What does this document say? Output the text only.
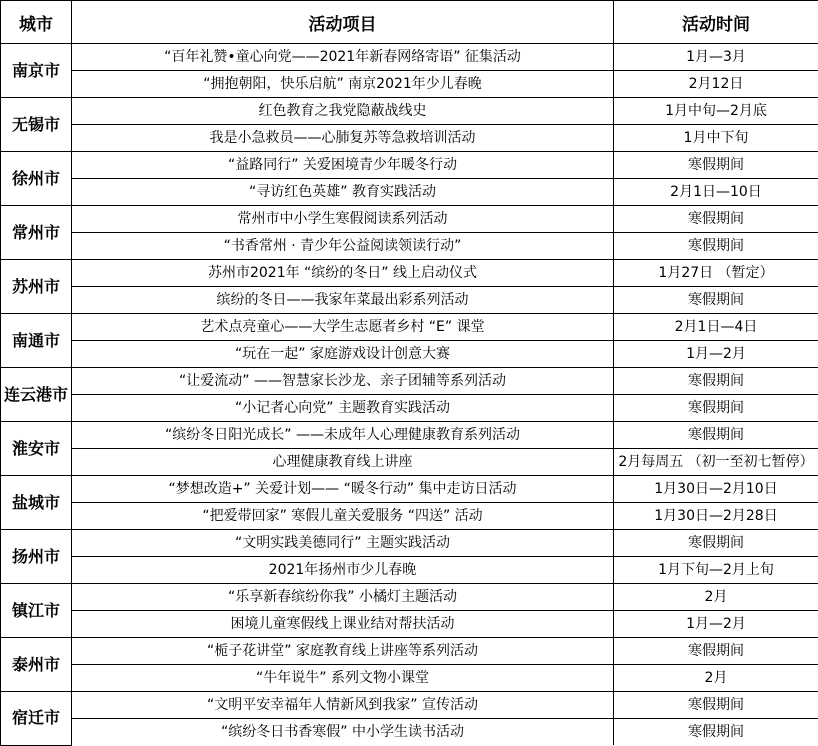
城市	活动项目	活动时间
南京市	“百年礼赞•童心向党——2021年新春网络寄语” 征集活动	1月—3月
	“拥抱朝阳，快乐启航” 南京2021年少儿春晚	2月12日
无锡市	红色教育之我党隐蔽战线史	1月中旬—2月底
	我是小急救员——心肺复苏等急救培训活动	1月中下旬
徐州市	“益路同行” 关爱困境青少年暖冬行动	寒假期间
	“寻访红色英雄” 教育实践活动	2月1日—10日
常州市	常州市中小学生寒假阅读系列活动	寒假期间
	“书香常州 · 青少年公益阅读领读行动”	寒假期间
苏州市	苏州市2021年 “缤纷的冬日” 线上启动仪式	1月27日 （暂定）
	缤纷的冬日——我家年菜最出彩系列活动	寒假期间
南通市	艺术点亮童心——大学生志愿者乡村 “E” 课堂	2月1日—4日
	“玩在一起” 家庭游戏设计创意大赛	1月—2月
连云港市	“让爱流动” ——智慧家长沙龙、亲子团辅等系列活动	寒假期间
	“小记者心向党” 主题教育实践活动	寒假期间
淮安市	“缤纷冬日阳光成长” ——未成年人心理健康教育系列活动	寒假期间
	心理健康教育线上讲座	2月每周五 （初一至初七暂停）
盐城市	“梦想改造+” 关爱计划—— “暖冬行动” 集中走访日活动	1月30日—2月10日
	“把爱带回家” 寒假儿童关爱服务 “四送” 活动	1月30日—2月28日
扬州市	“文明实践美德同行” 主题实践活动	寒假期间
	2021年扬州市少儿春晚	1月下旬—2月上旬
镇江市	“乐享新春缤纷你我” 小橘灯主题活动	2月
	困境儿童寒假线上课业结对帮扶活动	1月—2月
泰州市	“栀子花讲堂” 家庭教育线上讲座等系列活动	寒假期间
	“牛年说牛” 系列文物小课堂	2月
宿迁市	“文明平安幸福年人情新风到我家” 宣传活动	寒假期间
	“缤纷冬日书香寒假” 中小学生读书活动	寒假期间
